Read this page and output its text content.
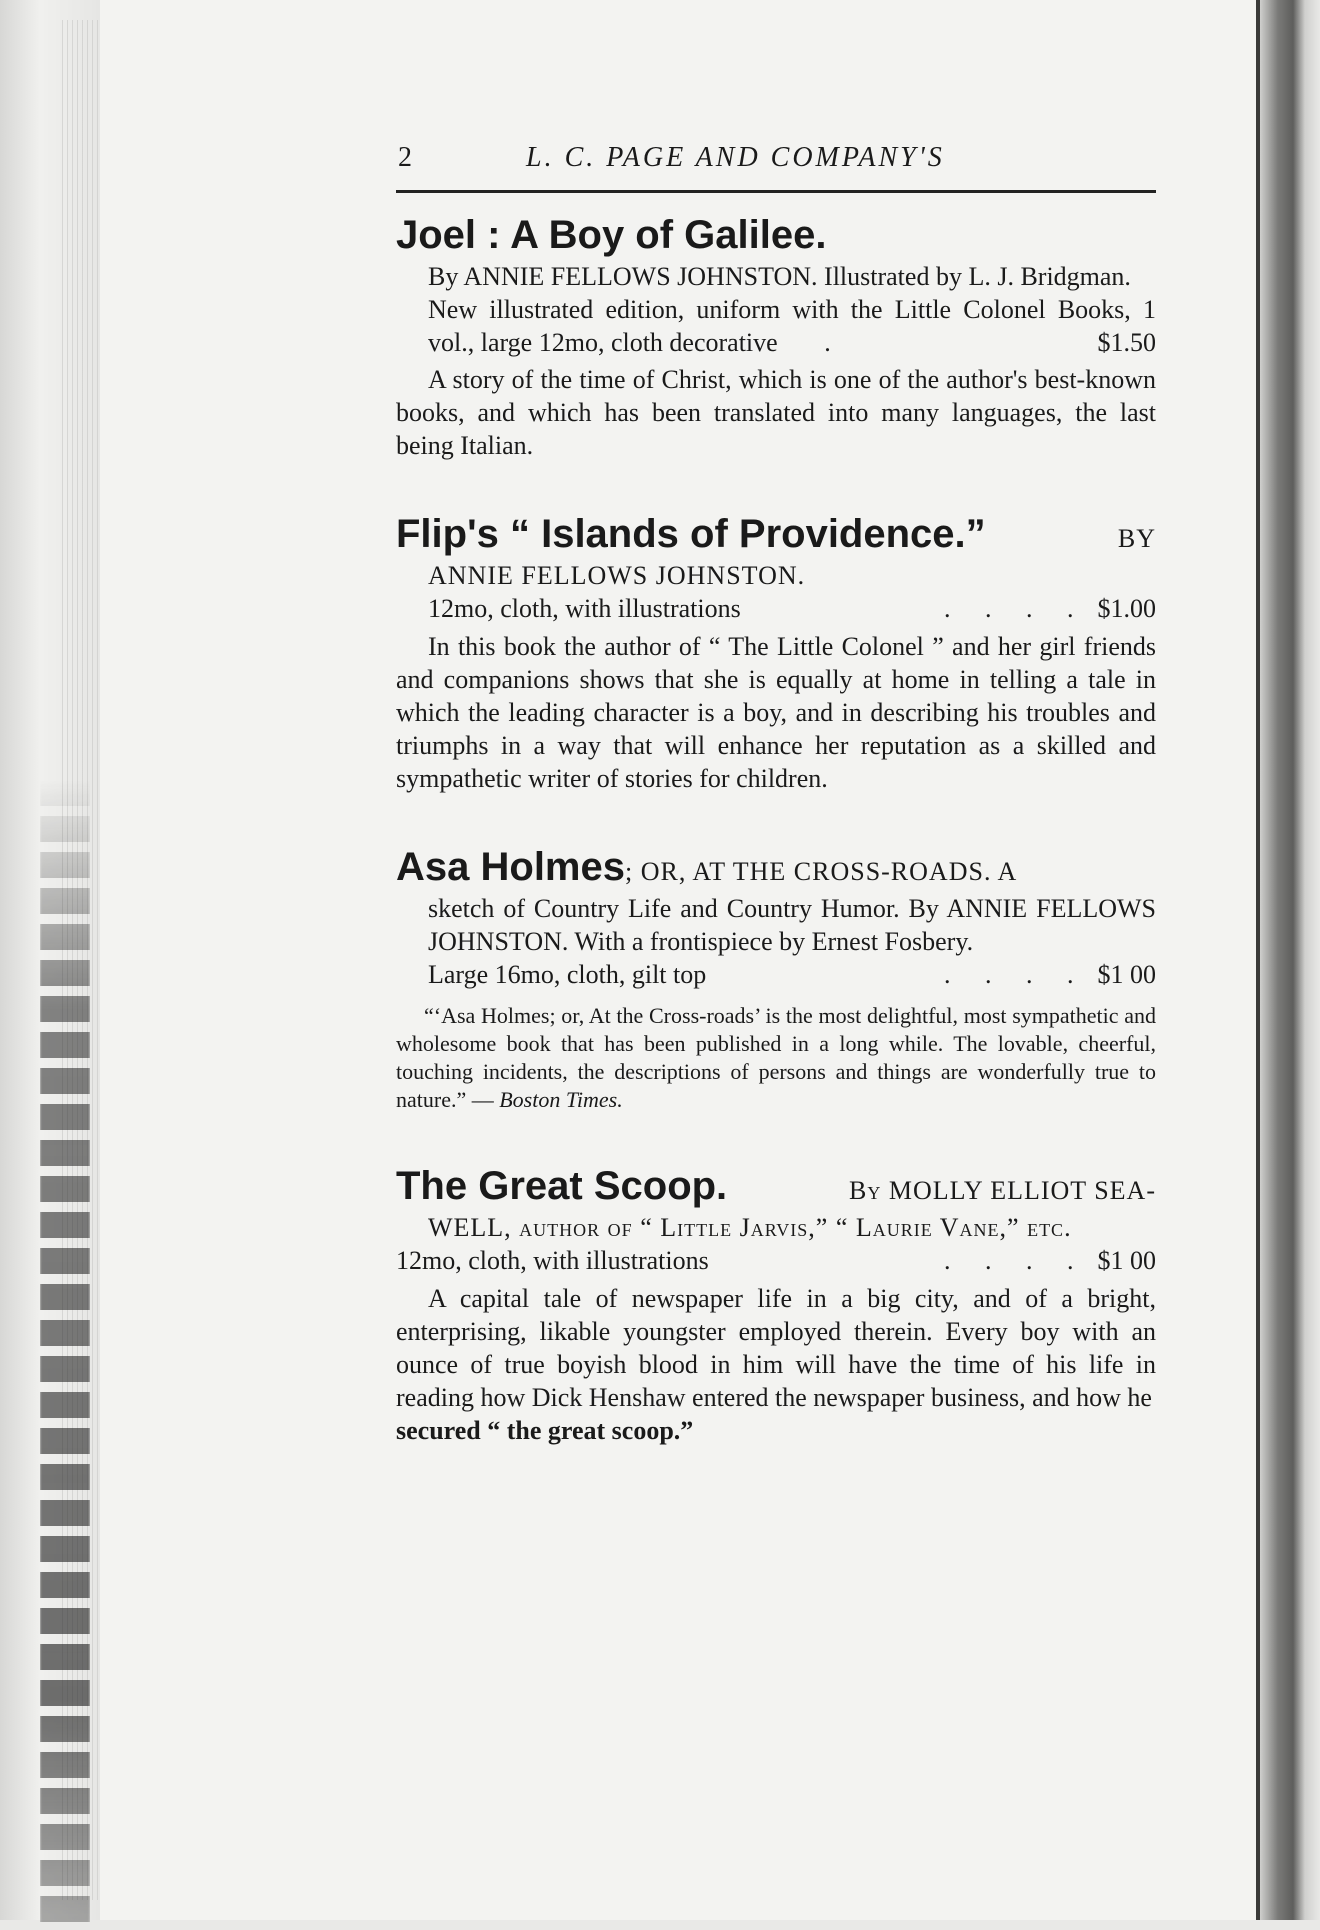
2	L. C. PAGE AND COMPANY'S
Joel : A Boy of Galilee.

By ANNIE FELLOWS JOHNSTON. Illustrated by L. J. Bridgman.

New illustrated edition, uniform with the Little Colonel Books, 1 vol., large 12mo, cloth decorative .	$1.50

A story of the time of Christ, which is one of the author's best-known books, and which has been translated into many languages, the last being Italian.

Flip's “ Islands of Providence.”	BY

ANNIE FELLOWS JOHNSTON.

12mo, cloth, with illustrations	. . . . $1.00

In this book the author of “ The Little Colonel ” and her girl friends and companions shows that she is equally at home in telling a tale in which the leading character is a boy, and in describing his troubles and triumphs in a way that will enhance her reputation as a skilled and sympathetic writer of stories for children.

Asa Holmes; OR, AT THE CROSS-ROADS. A

sketch of Country Life and Country Humor. By ANNIE FELLOWS JOHNSTON. With a frontispiece by Ernest Fosbery.

Large 16mo, cloth, gilt top	. . . . $1 00

“‘Asa Holmes; or, At the Cross-roads’ is the most delightful, most sympathetic and wholesome book that has been published in a long while. The lovable, cheerful, touching incidents, the descriptions of persons and things are wonderfully true to nature.” — Boston Times.

The Great Scoop.	By MOLLY ELLIOT SEA-

WELL, author of “ Little Jarvis,” “ Laurie Vane,” etc.

12mo, cloth, with illustrations	. . . . $1 00

A capital tale of newspaper life in a big city, and of a bright, enterprising, likable youngster employed therein. Every boy with an ounce of true boyish blood in him will have the time of his life in reading how Dick Henshaw entered the newspaper business, and how he

secured “ the great scoop.”
